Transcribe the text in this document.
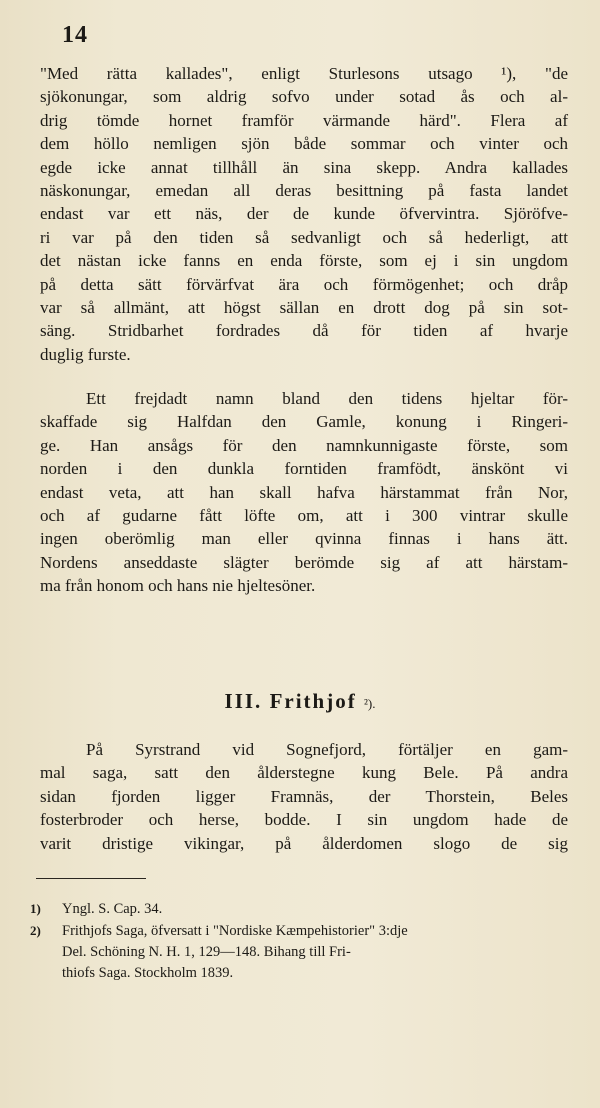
14
"Med rätta kallades", enligt Sturlesons utsago ¹), "de
sjökonungar, som aldrig sofvo under sotad ås och al-
drig tömde hornet framför värmande härd". Flera af
dem höllo nemligen sjön både sommar och vinter och
egde icke annat tillhåll än sina skepp. Andra kallades
näskonungar, emedan all deras besittning på fasta landet
endast var ett näs, der de kunde öfvervintra. Sjöröfve-
ri var på den tiden så sedvanligt och så hederligt, att
det nästan icke fanns en enda förste, som ej i sin ungdom
på detta sätt förvärfvat ära och förmögenhet; och dråp
var så allmänt, att högst sällan en drott dog på sin sot-
säng. Stridbarhet fordrades då för tiden af hvarje
duglig furste.
Ett frejdadt namn bland den tidens hjeltar för-
skaffade sig Halfdan den Gamle, konung i Ringeri-
ge. Han ansågs för den namnkunnigaste förste, som
norden i den dunkla forntiden framfödt, änskönt vi
endast veta, att han skall hafva härstammat från Nor,
och af gudarne fått löfte om, att i 300 vintrar skulle
ingen oberömlig man eller qvinna finnas i hans ätt.
Nordens anseddaste slägter berömde sig af att härstam-
ma från honom och hans nie hjeltesöner.
III. Frithjof ²).
På Syrstrand vid Sognefjord, förtäljer en gam-
mal saga, satt den ålderstegne kung Bele. På andra
sidan fjorden ligger Framnäs, der Thorstein, Beles
fosterbroder och herse, bodde. I sin ungdom hade de
varit dristige vikingar, på ålderdomen slogo de sig
1) Yngl. S. Cap. 34.
2) Frithjofs Saga, öfversatt i "Nordiske Kæmpehistorier" 3:dje
Del. Schöning N. H. 1, 129—148. Bihang till Fri-
thiofs Saga. Stockholm 1839.
